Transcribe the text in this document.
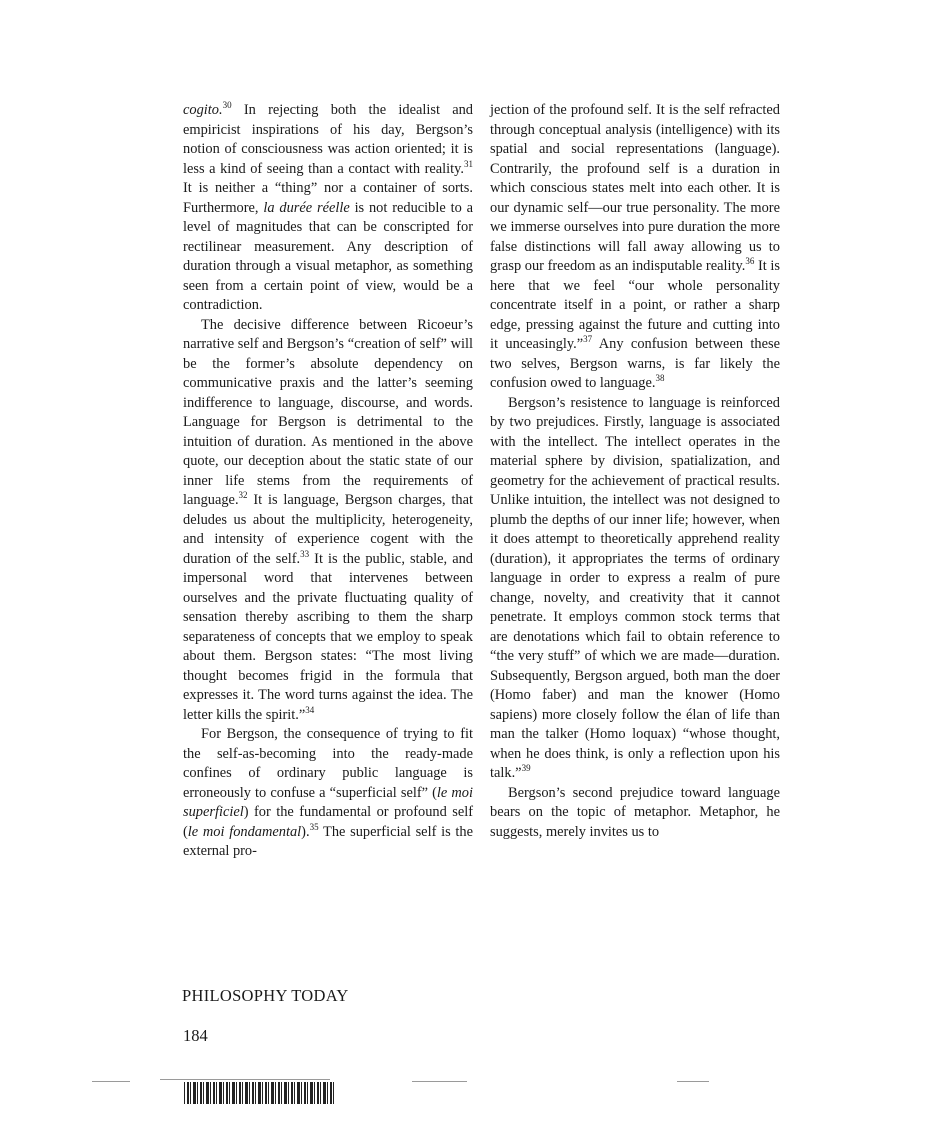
cogito.$^{30}$ In rejecting both the idealist and empiricist inspirations of his day, Bergson’s notion of consciousness was action oriented; it is less a kind of seeing than a contact with reality.$^{31}$ It is neither a “thing” nor a container of sorts. Furthermore, la durée réelle is not reducible to a level of magnitudes that can be conscripted for rectilinear measurement. Any description of duration through a visual metaphor, as something seen from a certain point of view, would be a contradiction.

The decisive difference between Ricoeur’s narrative self and Bergson’s “creation of self” will be the former’s absolute dependency on communicative praxis and the latter’s seeming indifference to language, discourse, and words. Language for Bergson is detrimental to the intuition of duration. As mentioned in the above quote, our deception about the static state of our inner life stems from the requirements of language.$^{32}$ It is language, Bergson charges, that deludes us about the multiplicity, heterogeneity, and intensity of experience cogent with the duration of the self.$^{33}$ It is the public, stable, and impersonal word that intervenes between ourselves and the private fluctuating quality of sensation thereby ascribing to them the sharp separateness of concepts that we employ to speak about them. Bergson states: “The most living thought becomes frigid in the formula that expresses it. The word turns against the idea. The letter kills the spirit.”$^{34}$

For Bergson, the consequence of trying to fit the self-as-becoming into the ready-made confines of ordinary public language is erroneously to confuse a “superficial self” (le moi superficiel) for the fundamental or profound self (le moi fondamental).$^{35}$ The superficial self is the external pro-

jection of the profound self. It is the self refracted through conceptual analysis (intelligence) with its spatial and social representations (language). Contrarily, the profound self is a duration in which conscious states melt into each other. It is our dynamic self—our true personality. The more we immerse ourselves into pure duration the more false distinctions will fall away allowing us to grasp our freedom as an indisputable reality.$^{36}$ It is here that we feel “our whole personality concentrate itself in a point, or rather a sharp edge, pressing against the future and cutting into it unceasingly.”$^{37}$ Any confusion between these two selves, Bergson warns, is far likely the confusion owed to language.$^{38}$

Bergson’s resistence to language is reinforced by two prejudices. Firstly, language is associated with the intellect. The intellect operates in the material sphere by division, spatialization, and geometry for the achievement of practical results. Unlike intuition, the intellect was not designed to plumb the depths of our inner life; however, when it does attempt to theoretically apprehend reality (duration), it appropriates the terms of ordinary language in order to express a realm of pure change, novelty, and creativity that it cannot penetrate. It employs common stock terms that are denotations which fail to obtain reference to “the very stuff” of which we are made—duration. Subsequently, Bergson argued, both man the doer (Homo faber) and man the knower (Homo sapiens) more closely follow the élan of life than man the talker (Homo loquax) “whose thought, when he does think, is only a reflection upon his talk.”$^{39}$

Bergson’s second prejudice toward language bears on the topic of metaphor. Metaphor, he suggests, merely invites us to

PHILOSOPHY TODAY
184
